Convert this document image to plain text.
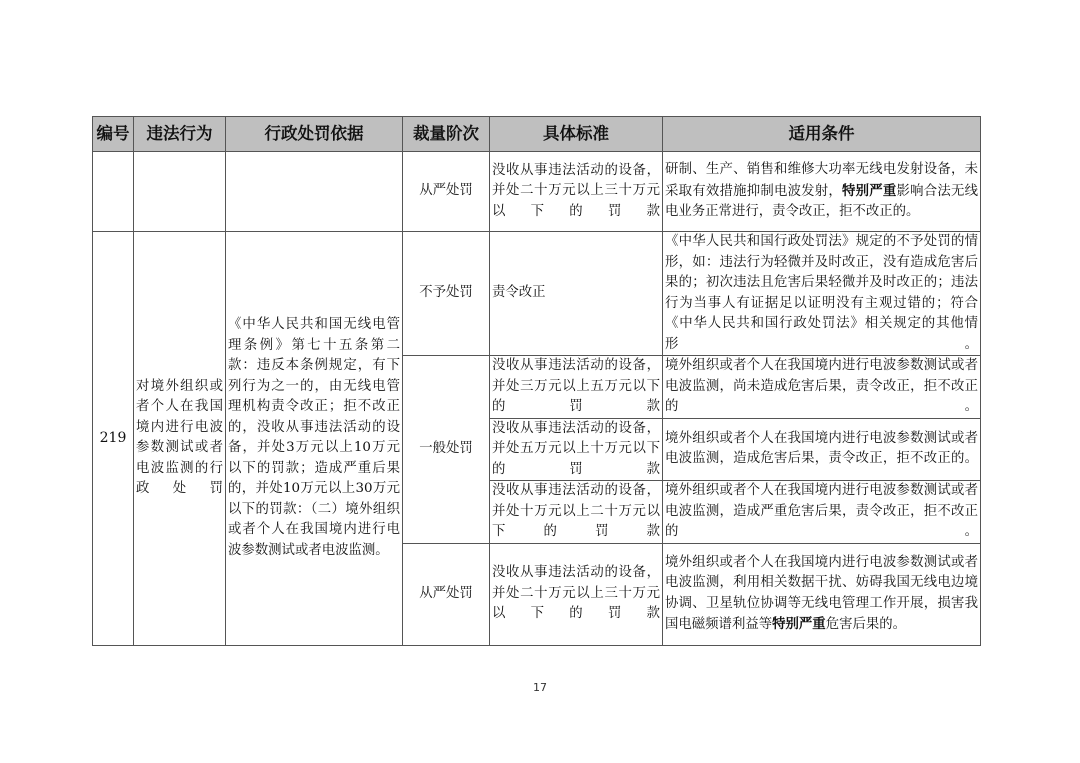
编号	违法行为	行政处罚依据	裁量阶次	具体标准	适用条件
			从严处罚	没收从事违法活动的设备，并处二十万元以上三十万元以下的罚款	研制、生产、销售和维修大功率无线电发射设备，未采取有效措施抑制电波发射，特别严重影响合法无线电业务正常进行，责令改正，拒不改正的。
219	对境外组织或者个人在我国境内进行电波参数测试或者电波监测的行政处罚	《中华人民共和国无线电管理条例》第七十五条第二款：违反本条例规定，有下列行为之一的，由无线电管理机构责令改正；拒不改正的，没收从事违法活动的设备，并处3万元以上10万元以下的罚款；造成严重后果的，并处10万元以上30万元以下的罚款：（二）境外组织或者个人在我国境内进行电波参数测试或者电波监测。	不予处罚	责令改正	《中华人民共和国行政处罚法》规定的不予处罚的情形，如：违法行为轻微并及时改正，没有造成危害后果的；初次违法且危害后果轻微并及时改正的；违法行为当事人有证据足以证明没有主观过错的；符合《中华人民共和国行政处罚法》相关规定的其他情形。
			一般处罚	没收从事违法活动的设备，并处三万元以上五万元以下的罚款	境外组织或者个人在我国境内进行电波参数测试或者电波监测，尚未造成危害后果，责令改正，拒不改正的。
				没收从事违法活动的设备，并处五万元以上十万元以下的罚款	境外组织或者个人在我国境内进行电波参数测试或者电波监测，造成危害后果，责令改正，拒不改正的。
				没收从事违法活动的设备，并处十万元以上二十万元以下的罚款	境外组织或者个人在我国境内进行电波参数测试或者电波监测，造成严重危害后果，责令改正，拒不改正的。
			从严处罚	没收从事违法活动的设备，并处二十万元以上三十万元以下的罚款	境外组织或者个人在我国境内进行电波参数测试或者电波监测，利用相关数据干扰、妨碍我国无线电边境协调、卫星轨位协调等无线电管理工作开展，损害我国电磁频谱利益等特别严重危害后果的。
17
